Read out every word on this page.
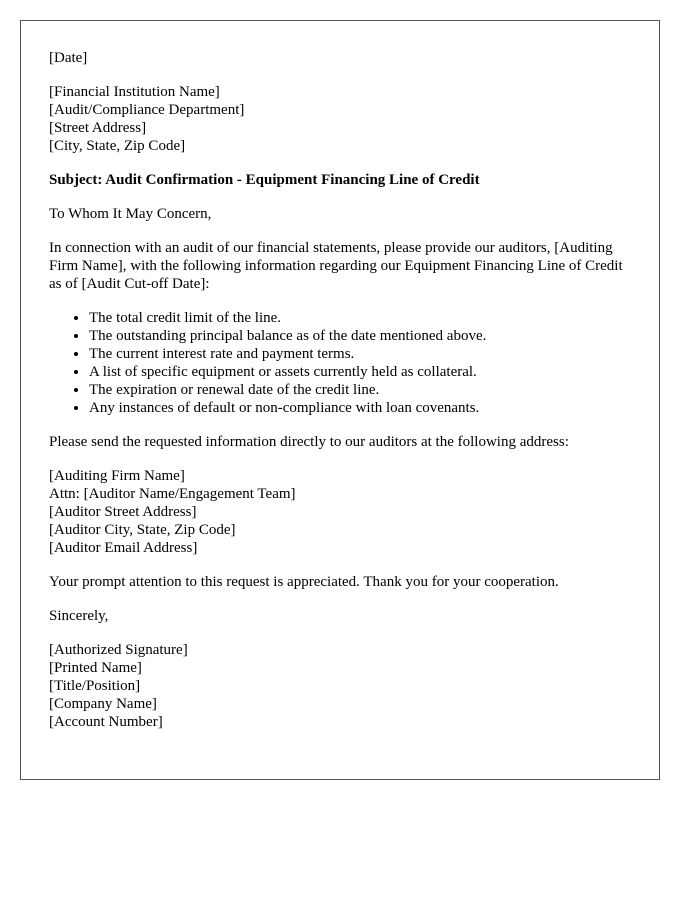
[Date]
[Financial Institution Name]
[Audit/Compliance Department]
[Street Address]
[City, State, Zip Code]
Subject: Audit Confirmation - Equipment Financing Line of Credit

To Whom It May Concern,

In connection with an audit of our financial statements, please provide our auditors, [Auditing Firm Name], with the following information regarding our Equipment Financing Line of Credit as of [Audit Cut-off Date]:

• The total credit limit of the line.
• The outstanding principal balance as of the date mentioned above.
• The current interest rate and payment terms.
• A list of specific equipment or assets currently held as collateral.
• The expiration or renewal date of the credit line.
• Any instances of default or non-compliance with loan covenants.

Please send the requested information directly to our auditors at the following address:

[Auditing Firm Name]
Attn: [Auditor Name/Engagement Team]
[Auditor Street Address]
[Auditor City, State, Zip Code]
[Auditor Email Address]

Your prompt attention to this request is appreciated. Thank you for your cooperation.

Sincerely,

[Authorized Signature]
[Printed Name]
[Title/Position]
[Company Name]
[Account Number]
